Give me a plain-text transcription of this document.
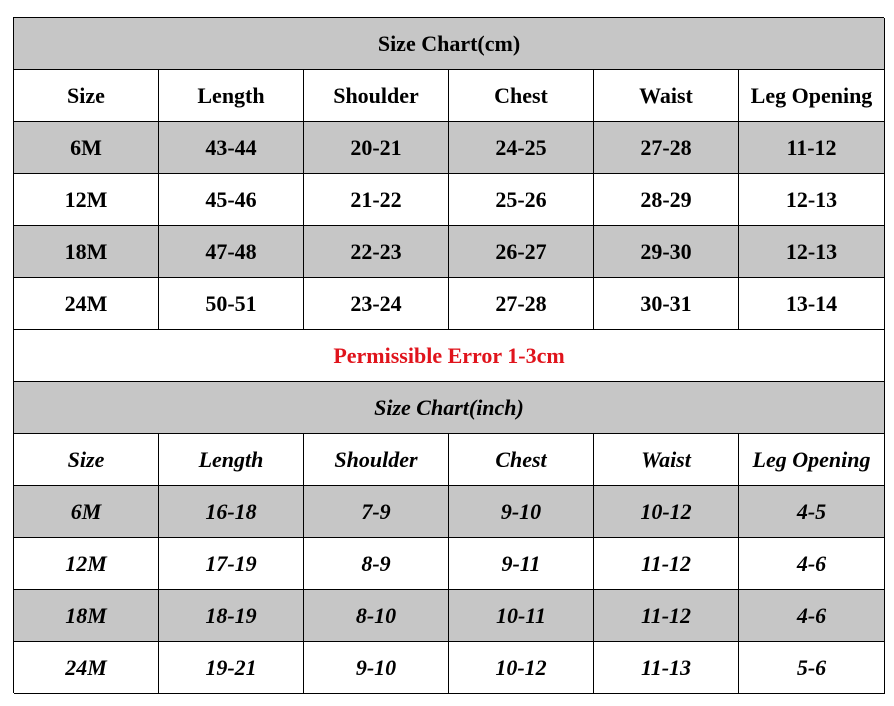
Size Chart(cm)
Size	Length	Shoulder	Chest	Waist	Leg Opening
6M	43-44	20-21	24-25	27-28	11-12
12M	45-46	21-22	25-26	28-29	12-13
18M	47-48	22-23	26-27	29-30	12-13
24M	50-51	23-24	27-28	30-31	13-14
Permissible Error 1-3cm
Size Chart(inch)
Size	Length	Shoulder	Chest	Waist	Leg Opening
6M	16-18	7-9	9-10	10-12	4-5
12M	17-19	8-9	9-11	11-12	4-6
18M	18-19	8-10	10-11	11-12	4-6
24M	19-21	9-10	10-12	11-13	5-6
